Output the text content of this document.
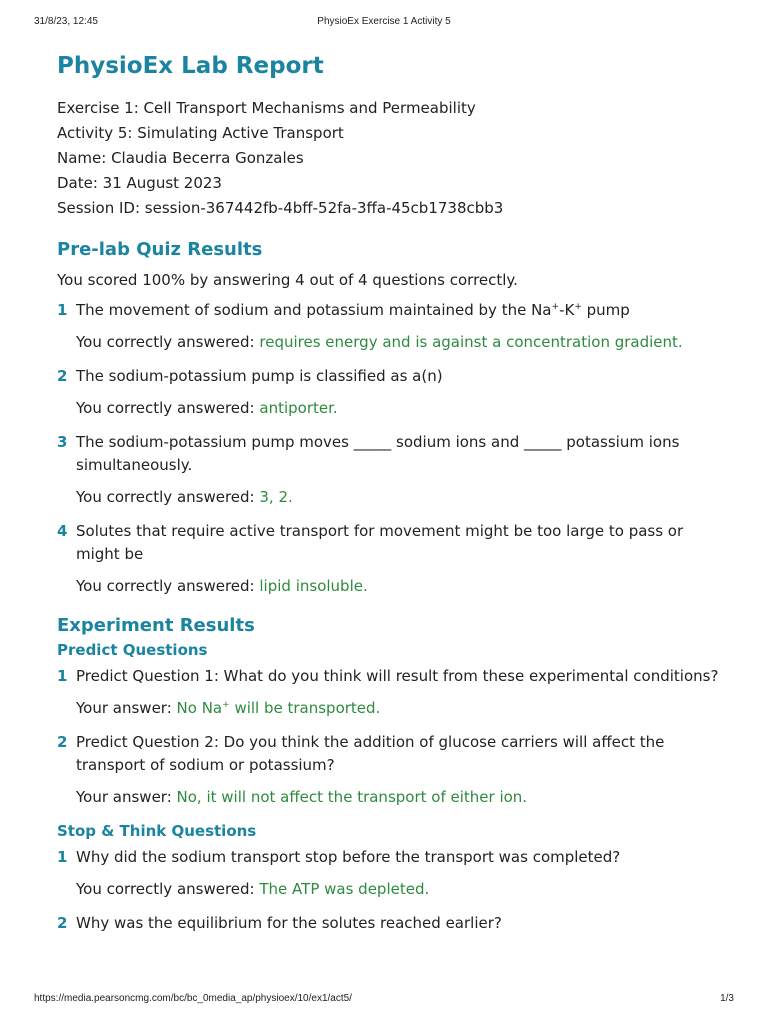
31/8/23, 12:45	PhysioEx Exercise 1 Activity 5
PhysioEx Lab Report
Exercise 1: Cell Transport Mechanisms and Permeability
Activity 5: Simulating Active Transport
Name: Claudia Becerra Gonzales
Date: 31 August 2023
Session ID: session-367442fb-4bff-52fa-3ffa-45cb1738cbb3
Pre-lab Quiz Results
You scored 100% by answering 4 out of 4 questions correctly.
1 The movement of sodium and potassium maintained by the Na+-K+ pump
You correctly answered: requires energy and is against a concentration gradient.
2 The sodium-potassium pump is classified as a(n)
You correctly answered: antiporter.
3 The sodium-potassium pump moves _____ sodium ions and _____ potassium ions simultaneously.
You correctly answered: 3, 2.
4 Solutes that require active transport for movement might be too large to pass or might be
You correctly answered: lipid insoluble.
Experiment Results
Predict Questions
1 Predict Question 1: What do you think will result from these experimental conditions?
Your answer: No Na+ will be transported.
2 Predict Question 2: Do you think the addition of glucose carriers will affect the transport of sodium or potassium?
Your answer: No, it will not affect the transport of either ion.
Stop & Think Questions
1 Why did the sodium transport stop before the transport was completed?
You correctly answered: The ATP was depleted.
2 Why was the equilibrium for the solutes reached earlier?
https://media.pearsoncmg.com/bc/bc_0media_ap/physioex/10/ex1/act5/	1/3
